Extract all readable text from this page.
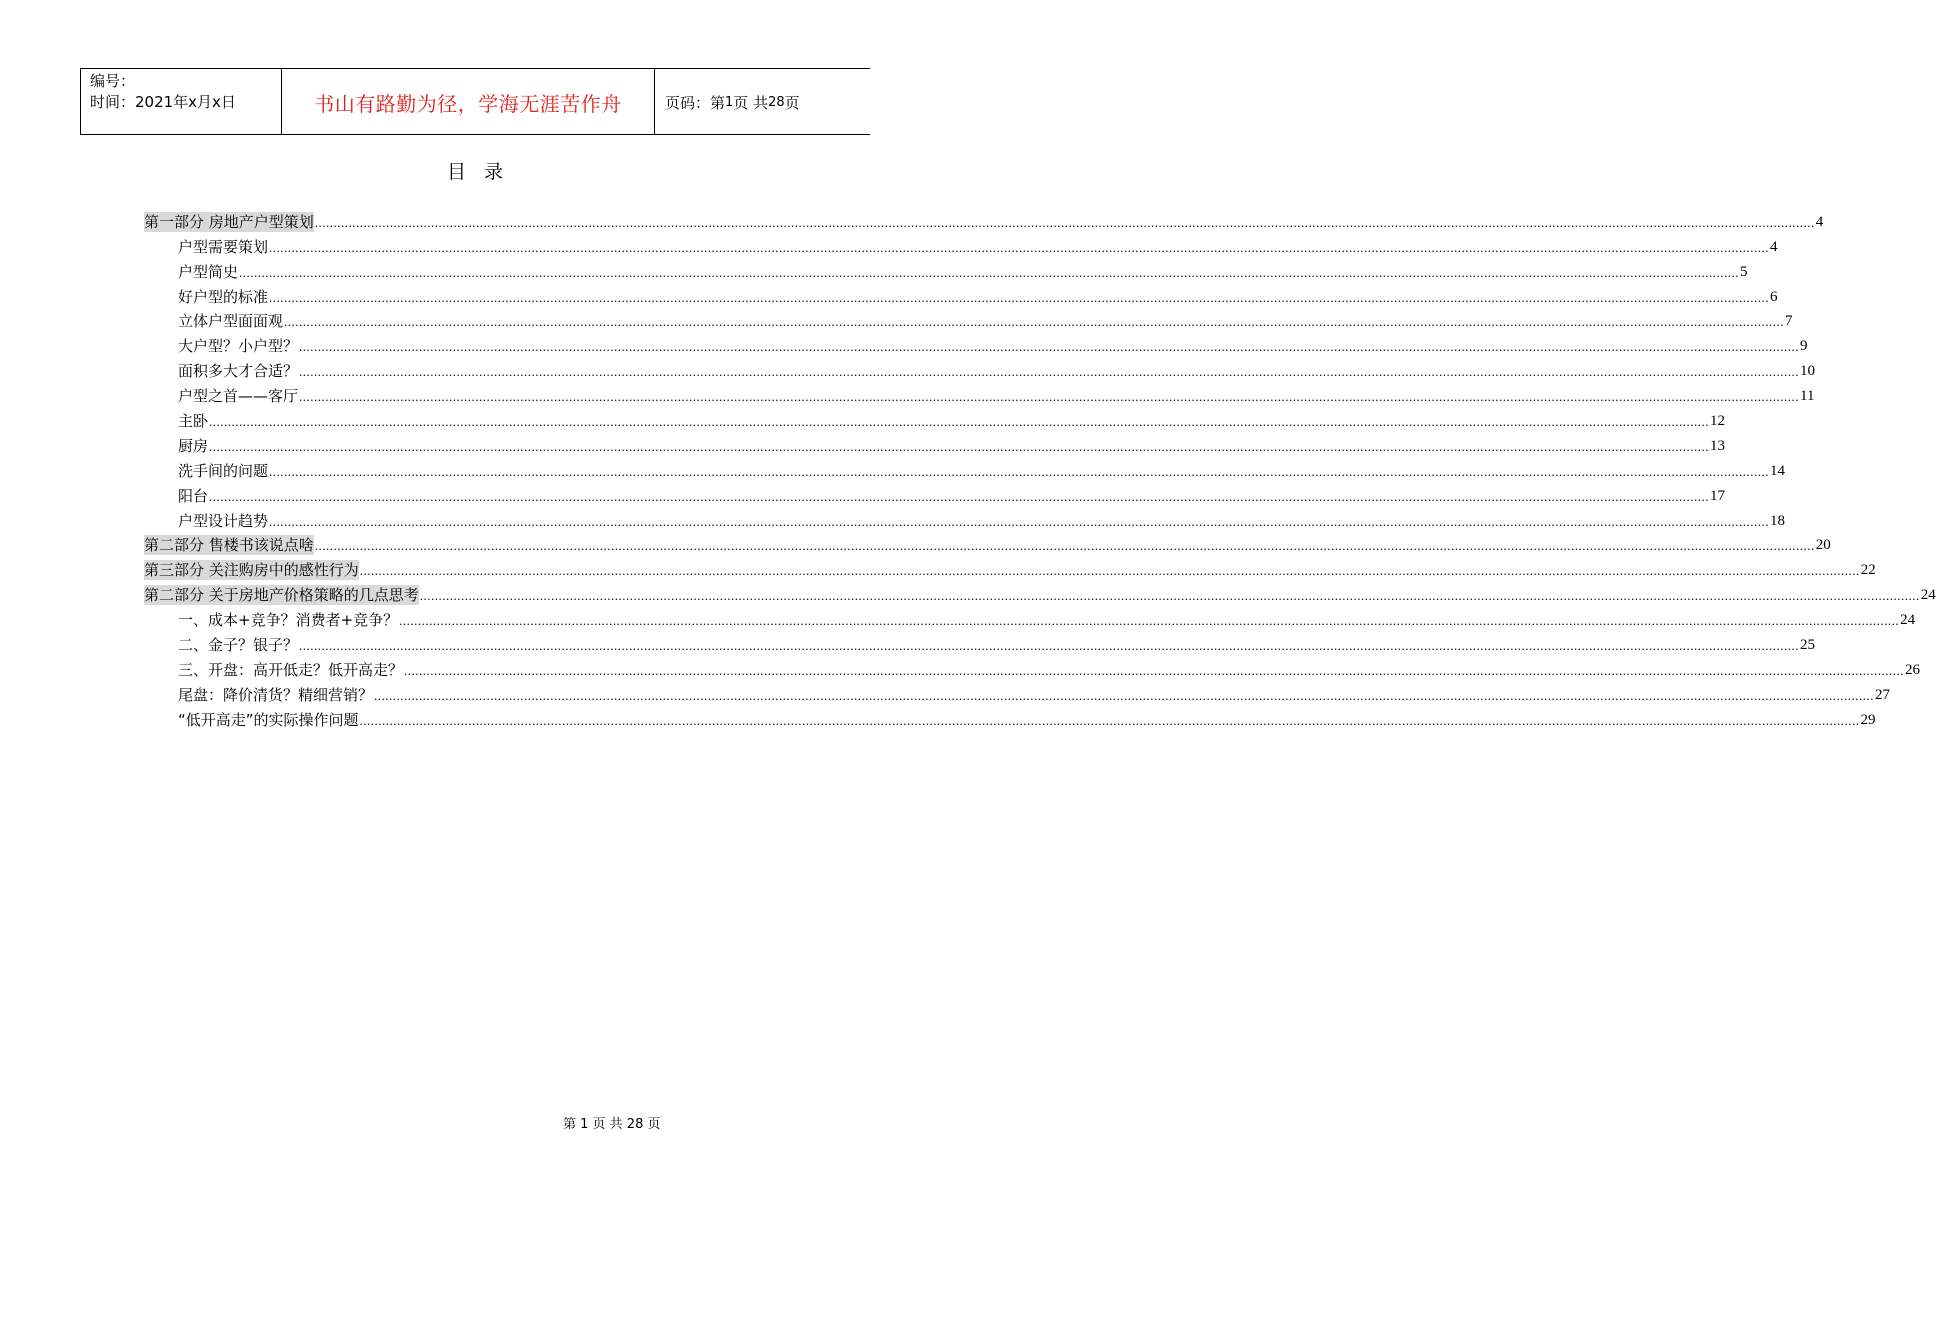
编号：
时间：2021年x月x日	书山有路勤为径，学海无涯苦作舟	页码：第 1 页 共 28 页
目录
第一部分 房地产户型策划 ................................................................................................................................................................................................................................................................................................................................................................................................................ 4
户型需要策划 ................................................................................................................................................................................................................................................................................................................................................................................................................ 4
户型简史 ................................................................................................................................................................................................................................................................................................................................................................................................................ 5
好户型的标准 ................................................................................................................................................................................................................................................................................................................................................................................................................ 6
立体户型面面观 ................................................................................................................................................................................................................................................................................................................................................................................................................ 7
大户型？小户型？ ................................................................................................................................................................................................................................................................................................................................................................................................................ 9
面积多大才合适？ ................................................................................................................................................................................................................................................................................................................................................................................................................ 10
户型之首——客厅 ................................................................................................................................................................................................................................................................................................................................................................................................................ 11
主卧 ................................................................................................................................................................................................................................................................................................................................................................................................................ 12
厨房 ................................................................................................................................................................................................................................................................................................................................................................................................................ 13
洗手间的问题 ................................................................................................................................................................................................................................................................................................................................................................................................................ 14
阳台 ................................................................................................................................................................................................................................................................................................................................................................................................................ 17
户型设计趋势 ................................................................................................................................................................................................................................................................................................................................................................................................................ 18
第二部分 售楼书该说点啥 ................................................................................................................................................................................................................................................................................................................................................................................................................ 20
第三部分 关注购房中的感性行为 ................................................................................................................................................................................................................................................................................................................................................................................................................ 22
第二部分 关于房地产价格策略的几点思考 ................................................................................................................................................................................................................................................................................................................................................................................................................ 24
一、成本+竞争？消费者+竞争？ ................................................................................................................................................................................................................................................................................................................................................................................................................ 24
二、金子？银子？ ................................................................................................................................................................................................................................................................................................................................................................................................................ 25
三、开盘：高开低走？低开高走？ ................................................................................................................................................................................................................................................................................................................................................................................................................ 26
尾盘：降价清货？精细营销？ ................................................................................................................................................................................................................................................................................................................................................................................................................ 27
“低开高走”的实际操作问题 ................................................................................................................................................................................................................................................................................................................................................................................................................ 29
第 1 页 共 28 页
